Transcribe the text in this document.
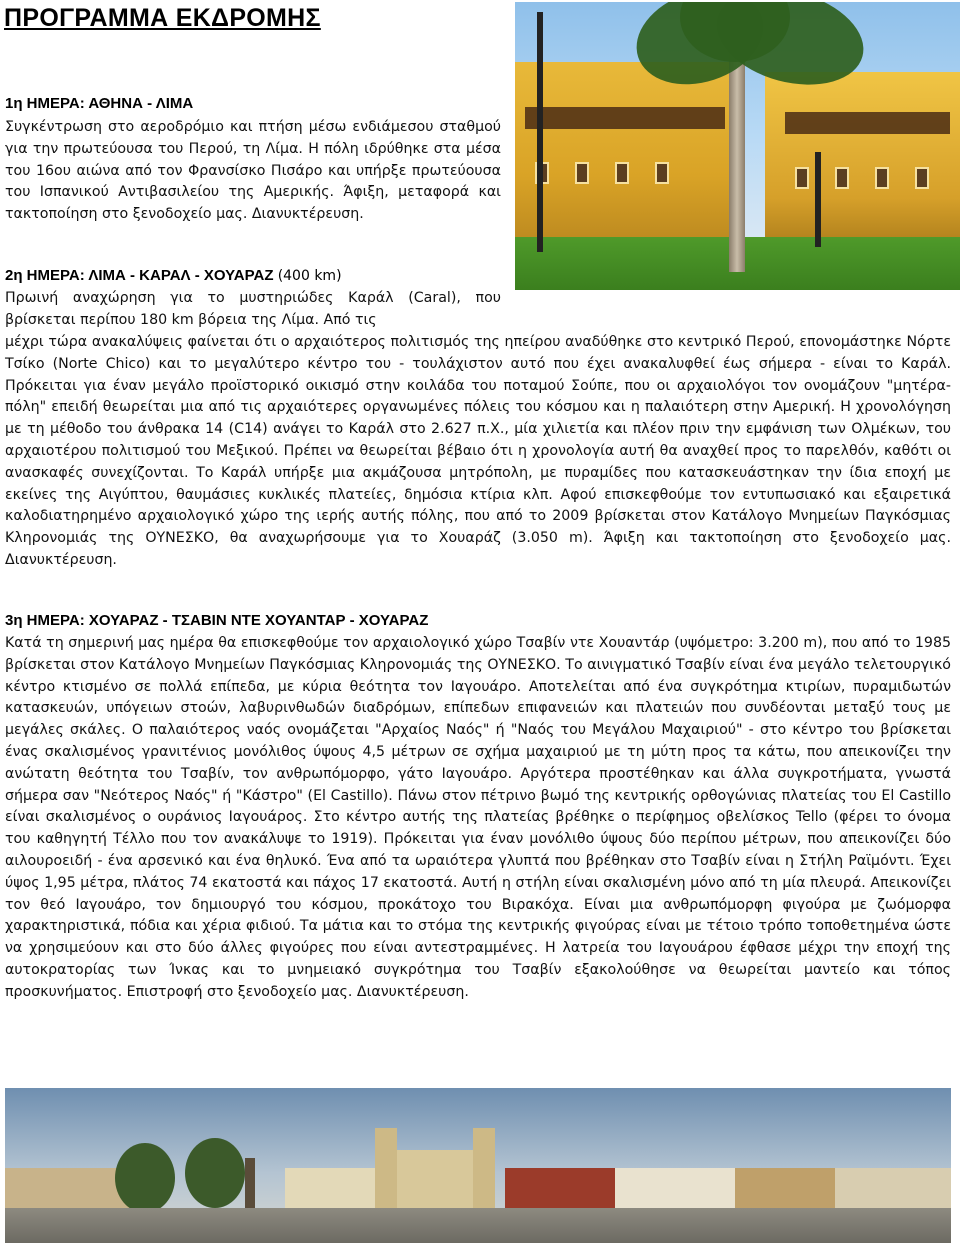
ΠΡΟΓΡΑΜΜΑ ΕΚΔΡΟΜΗΣ
1η ΗΜΕΡΑ: ΑΘΗΝΑ - ΛΙΜΑ
Συγκέντρωση στο αεροδρόμιο και πτήση μέσω ενδιάμεσου σταθμού για την πρωτεύουσα του Περού, τη Λίμα. Η πόλη ιδρύθηκε στα μέσα του 16ου αιώνα από τον Φρανσίσκο Πισάρο και υπήρξε πρωτεύουσα του Ισπανικού Αντιβασιλείου της Αμερικής. Άφιξη, μεταφορά και τακτοποίηση στο ξενοδοχείο μας. Διανυκτέρευση.
2η ΗΜΕΡΑ: ΛΙΜΑ - ΚΑΡΑΛ - ΧΟΥΑΡΑΖ (400 km)
Πρωινή αναχώρηση για το μυστηριώδες Καράλ (Caral), που βρίσκεται περίπου 180 km βόρεια της Λίμα. Από τις
μέχρι τώρα ανακαλύψεις φαίνεται ότι ο αρχαιότερος πολιτισμός της ηπείρου αναδύθηκε στο κεντρικό Περού, επονομάστηκε Νόρτε Τσίκο (Norte Chico) και το μεγαλύτερο κέντρο του - τουλάχιστον αυτό που έχει ανακαλυφθεί έως σήμερα - είναι το Καράλ. Πρόκειται για έναν μεγάλο προϊστορικό οικισμό στην κοιλάδα του ποταμού Σούπε, που οι αρχαιολόγοι τον ονομάζουν "μητέρα-πόλη" επειδή θεωρείται μια από τις αρχαιότερες οργανωμένες πόλεις του κόσμου και η παλαιότερη στην Αμερική. Η χρονολόγηση με τη μέθοδο του άνθρακα 14 (C14) ανάγει το Καράλ στο 2.627 π.Χ., μία χιλιετία και πλέον πριν την εμφάνιση των Ολμέκων, του αρχαιοτέρου πολιτισμού του Μεξικού. Πρέπει να θεωρείται βέβαιο ότι η χρονολογία αυτή θα αναχθεί προς το παρελθόν, καθότι οι ανασκαφές συνεχίζονται. Το Καράλ υπήρξε μια ακμάζουσα μητρόπολη, με πυραμίδες που κατασκευάστηκαν την ίδια εποχή με εκείνες της Αιγύπτου, θαυμάσιες κυκλικές πλατείες, δημόσια κτίρια κλπ. Αφού επισκεφθούμε τον εντυπωσιακό και εξαιρετικά καλοδιατηρημένο αρχαιολογικό χώρο της ιερής αυτής πόλης, που από το 2009 βρίσκεται στον Κατάλογο Μνημείων Παγκόσμιας Κληρονομιάς της ΟΥΝΕΣΚΟ, θα αναχωρήσουμε για το Χουαράζ (3.050 m). Άφιξη και τακτοποίηση στο ξενοδοχείο μας. Διανυκτέρευση.
3η ΗΜΕΡΑ: ΧΟΥΑΡΑΖ - ΤΣΑΒΙΝ ΝΤΕ ΧΟΥΑΝΤΑΡ - ΧΟΥΑΡΑΖ
Κατά τη σημερινή μας ημέρα θα επισκεφθούμε τον αρχαιολογικό χώρο Τσαβίν ντε Χουαντάρ (υψόμετρο: 3.200 m), που από το 1985 βρίσκεται στον Κατάλογο Μνημείων Παγκόσμιας Κληρονομιάς της ΟΥΝΕΣΚΟ. Το αινιγματικό Τσαβίν είναι ένα μεγάλο τελετουργικό κέντρο κτισμένο σε πολλά επίπεδα, με κύρια θεότητα τον Ιαγουάρο. Αποτελείται από ένα συγκρότημα κτιρίων, πυραμιδωτών κατασκευών, υπόγειων στοών, λαβυρινθωδών διαδρόμων, επίπεδων επιφανειών και πλατειών που συνδέονται μεταξύ τους με μεγάλες σκάλες. Ο παλαιότερος ναός ονομάζεται "Αρχαίος Ναός" ή "Ναός του Μεγάλου Μαχαιριού" - στο κέντρο του βρίσκεται ένας σκαλισμένος γρανιτένιος μονόλιθος ύψους 4,5 μέτρων σε σχήμα μαχαιριού με τη μύτη προς τα κάτω, που απεικονίζει την ανώτατη θεότητα του Τσαβίν, τον ανθρωπόμορφο, γάτο Ιαγουάρο. Αργότερα προστέθηκαν και άλλα συγκροτήματα, γνωστά σήμερα σαν "Νεότερος Ναός" ή "Κάστρο" (El Castillo). Πάνω στον πέτρινο βωμό της κεντρικής ορθογώνιας πλατείας του El Castillo είναι σκαλισμένος ο ουράνιος Ιαγουάρος. Στο κέντρο αυτής της πλατείας βρέθηκε ο περίφημος οβελίσκος Tello (φέρει το όνομα του καθηγητή Τέλλο που τον ανακάλυψε το 1919). Πρόκειται για έναν μονόλιθο ύψους δύο περίπου μέτρων, που απεικονίζει δύο αιλουροειδή - ένα αρσενικό και ένα θηλυκό. Ένα από τα ωραιότερα γλυπτά που βρέθηκαν στο Τσαβίν είναι η Στήλη Ραϊμόντι. Έχει ύψος 1,95 μέτρα, πλάτος 74 εκατοστά και πάχος 17 εκατοστά. Αυτή η στήλη είναι σκαλισμένη μόνο από τη μία πλευρά. Απεικονίζει τον θεό Ιαγουάρο, τον δημιουργό του κόσμου, προκάτοχο του Βιρακόχα. Είναι μια ανθρωπόμορφη φιγούρα με ζωόμορφα χαρακτηριστικά, πόδια και χέρια φιδιού. Τα μάτια και το στόμα της κεντρικής φιγούρας είναι με τέτοιο τρόπο τοποθετημένα ώστε να χρησιμεύουν και στο δύο άλλες φιγούρες που είναι αντεστραμμένες. Η λατρεία του Ιαγουάρου έφθασε μέχρι την εποχή της αυτοκρατορίας των Ίνκας και το μνημειακό συγκρότημα του Τσαβίν εξακολούθησε να θεωρείται μαντείο και τόπος προσκυνήματος. Επιστροφή στο ξενοδοχείο μας. Διανυκτέρευση.
